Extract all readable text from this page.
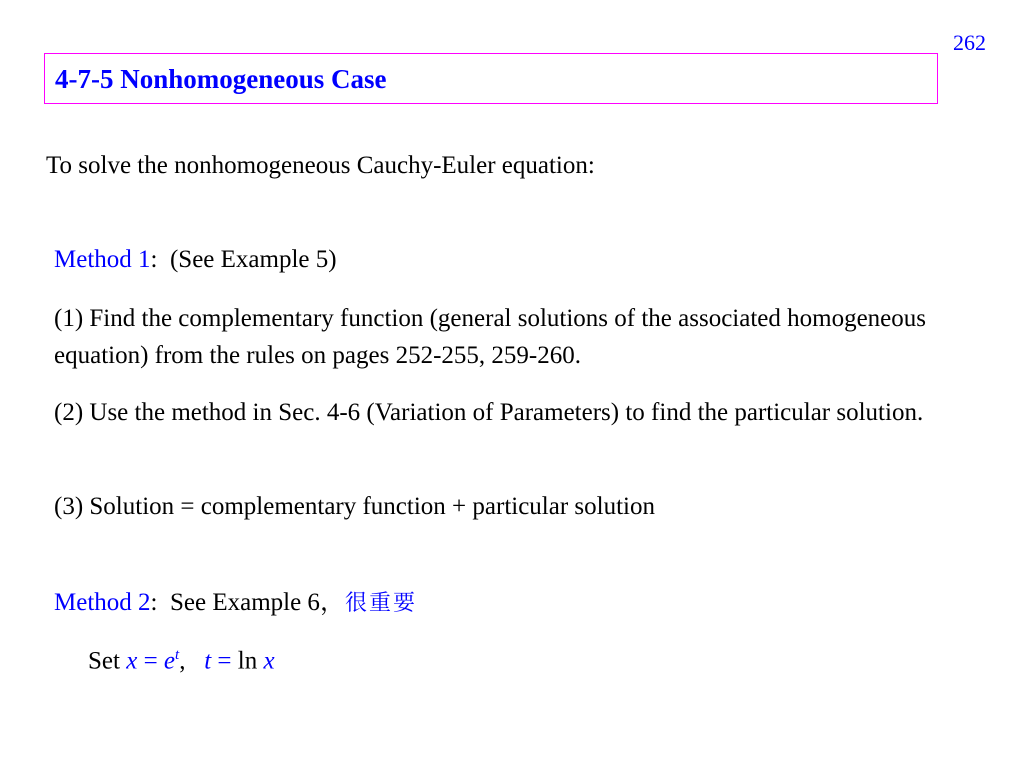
262
4-7-5 Nonhomogeneous Case
To solve the nonhomogeneous Cauchy-Euler equation:
Method 1: (See Example 5)
(1) Find the complementary function (general solutions of the associated homogeneous equation) from the rules on pages 252-255, 259-260.
(2) Use the method in Sec. 4-6 (Variation of Parameters) to find the particular solution.
(3) Solution = complementary function + particular solution
Method 2: See Example 6，很重要
Set $x = e^t$, t = ln x
